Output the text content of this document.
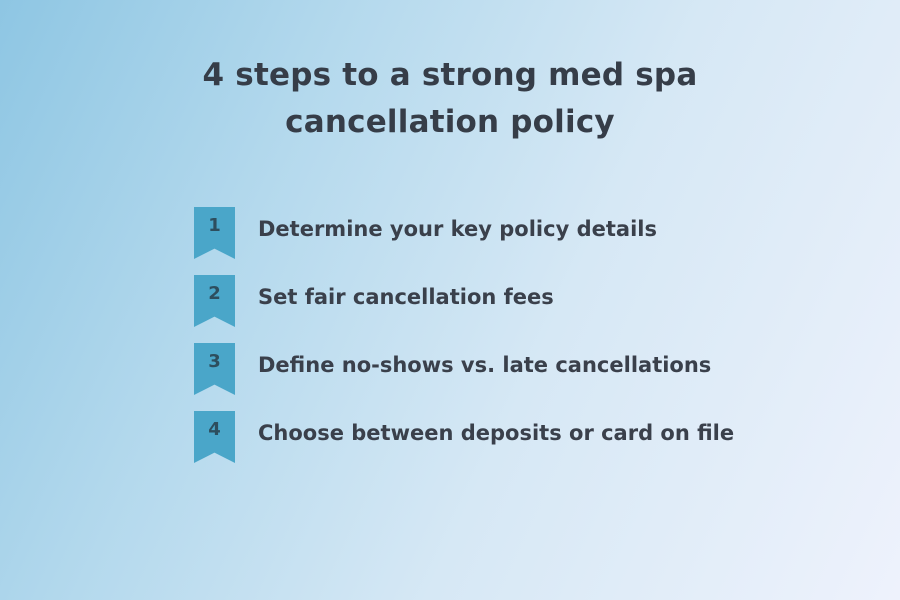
4 steps to a strong med spa
cancellation policy
1	Determine your key policy details
2	Set fair cancellation fees
3	Define no-shows vs. late cancellations
4	Choose between deposits or card on file
